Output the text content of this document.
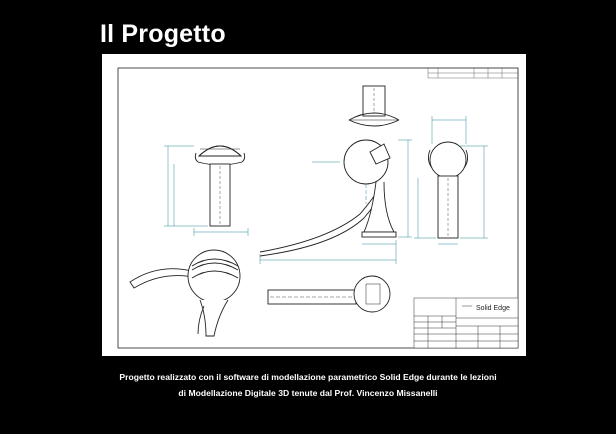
Il Progetto
Solid Edge
Progetto realizzato con il software di modellazione parametrico Solid Edge durante le lezioni
di Modellazione Digitale 3D tenute dal Prof. Vincenzo Missanelli
